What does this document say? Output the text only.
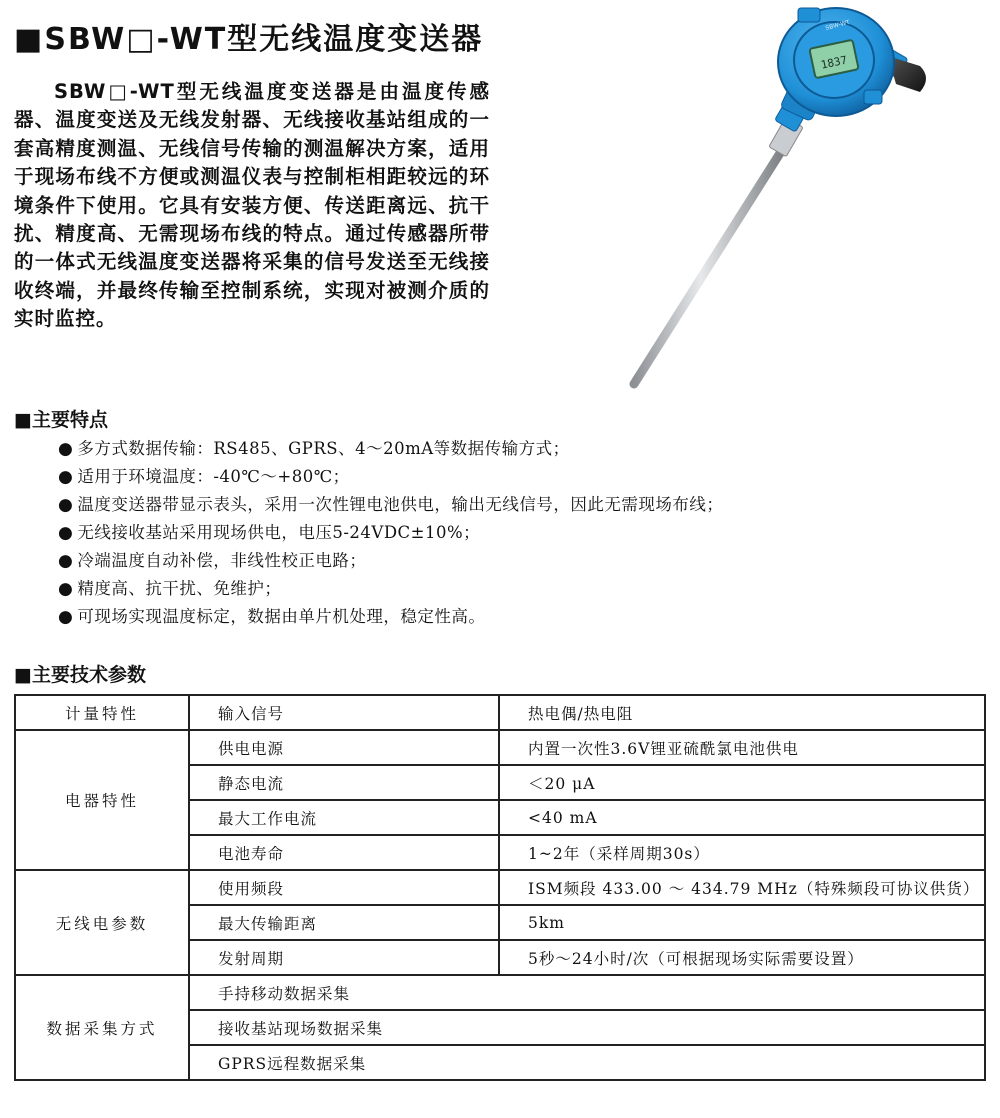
■SBW□-WT型无线温度变送器

SBW□-WT型无线温度变送器是由温度传感器、温度变送及无线发射器、无线接收基站组成的一套高精度测温、无线信号传输的测温解决方案，适用于现场布线不方便或测温仪表与控制柜相距较远的环境条件下使用。它具有安装方便、传送距离远、抗干扰、精度高、无需现场布线的特点。通过传感器所带的一体式无线温度变送器将采集的信号发送至无线接收终端，并最终传输至控制系统，实现对被测介质的实时监控。

SBW-WT
1837
■主要特点
● 多方式数据传输：RS485、GPRS、4～20mA等数据传输方式；
● 适用于环境温度：-40℃～+80℃；
● 温度变送器带显示表头，采用一次性锂电池供电，输出无线信号，因此无需现场布线；
● 无线接收基站采用现场供电，电压5-24VDC±10%；
● 冷端温度自动补偿，非线性校正电路；
● 精度高、抗干扰、免维护；
● 可现场实现温度标定，数据由单片机处理，稳定性高。
■主要技术参数
计量特性	输入信号	热电偶/热电阻
电器特性	供电电源	内置一次性3.6V锂亚硫酰氯电池供电
	静态电流	＜20 μA
	最大工作电流	<40 mA
	电池寿命	1~2年（采样周期30s）
无线电参数	使用频段	ISM频段 433.00 ～ 434.79 MHz（特殊频段可协议供货）
	最大传输距离	5km
	发射周期	5秒～24小时/次（可根据现场实际需要设置）
数据采集方式	手持移动数据采集	
	接收基站现场数据采集	
	GPRS远程数据采集	
